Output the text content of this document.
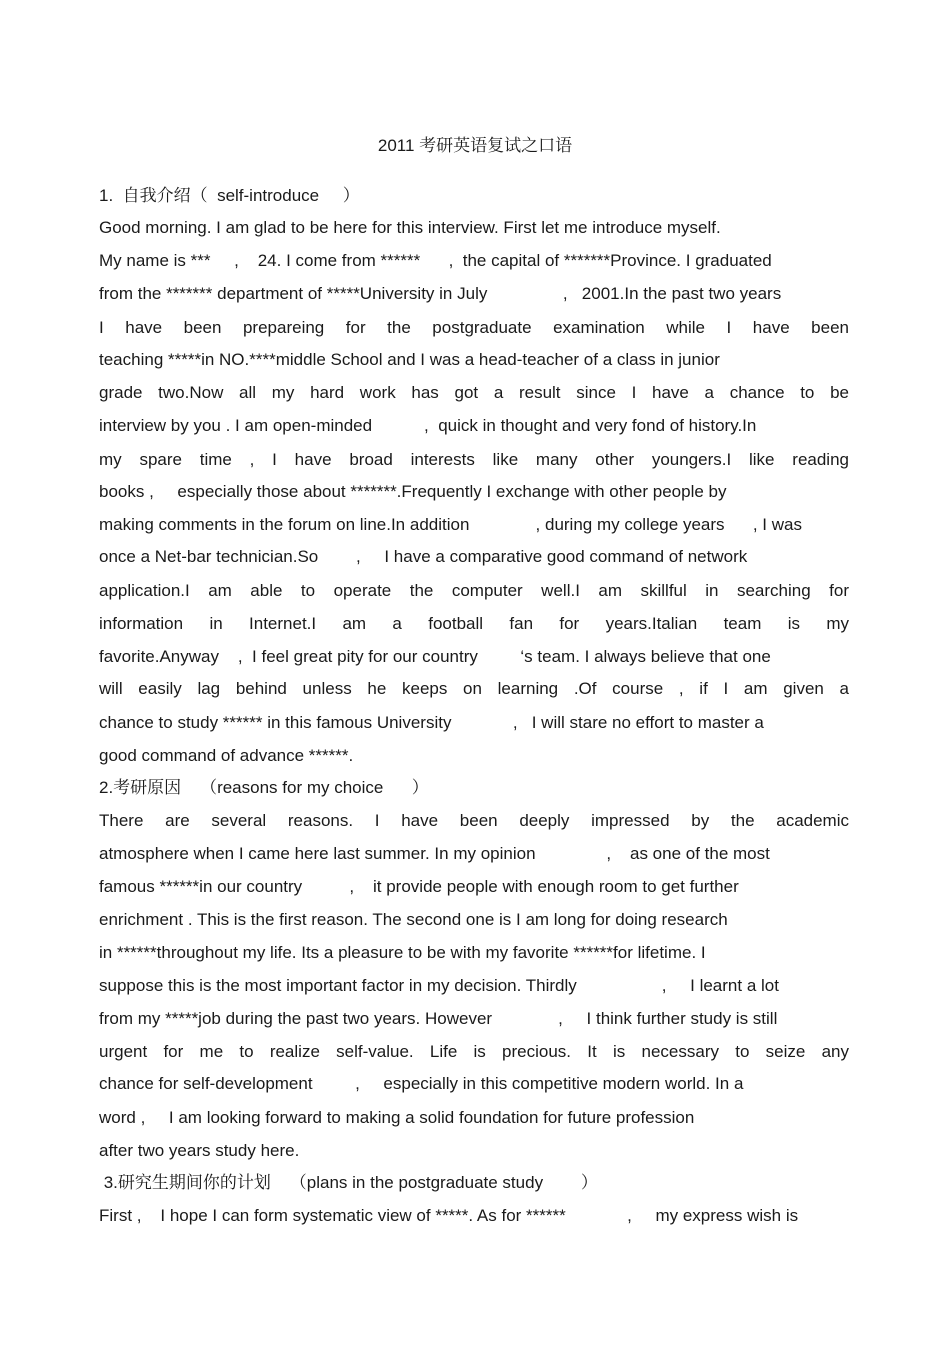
2011 考研英语复试之口语
1.  自我介绍（  self-introduce     ）
Good morning. I am glad to be here for this interview. First let me introduce myself.
My name is ***     ,    24. I come from ******      ,  the capital of *******Province. I graduated
from the ******* department of *****University in July                ,   2001.In the past two years
I have been prepareing for the postgraduate examination while I have been
teaching *****in NO.****middle School and I was a head-teacher of a class in junior
grade two.Now all my hard work has got a result since I have a chance to be
interview by you . I am open-minded           ,  quick in thought and very fond of history.In
my spare time , I have broad interests like many other youngers.I like reading
books ,     especially those about *******.Frequently I exchange with other people by
making comments in the forum on line.In addition              , during my college years      , I was
once a Net-bar technician.So        ,     I have a comparative good command of network
application.I am able to operate the computer well.I am skillful in searching for
information in Internet.I am a football fan for years.Italian team is my
favorite.Anyway    ,  I feel great pity for our country         ‘s team. I always believe that one
will easily lag behind unless he keeps on learning .Of course , if I am given a
chance to study ****** in this famous University             ,   I will stare no effort to master a
good command of advance ******.
2.考研原因    （reasons for my choice      ）
There are several reasons. I have been deeply impressed by the academic
atmosphere when I came here last summer. In my opinion               ,    as one of the most
famous ******in our country          ,    it provide people with enough room to get further
enrichment . This is the first reason. The second one is I am long for doing research
in ******throughout my life. Its a pleasure to be with my favorite ******for lifetime. I
suppose this is the most important factor in my decision. Thirdly                  ,     I learnt a lot
from my *****job during the past two years. However              ,     I think further study is still
urgent for me to realize self-value. Life is precious. It is necessary to seize any
chance for self-development         ,     especially in this competitive modern world. In a
word ,     I am looking forward to making a solid foundation for future profession
after two years study here.
3.研究生期间你的计划    （plans in the postgraduate study        ）
First ,    I hope I can form systematic view of *****. As for ******             ,     my express wish is
